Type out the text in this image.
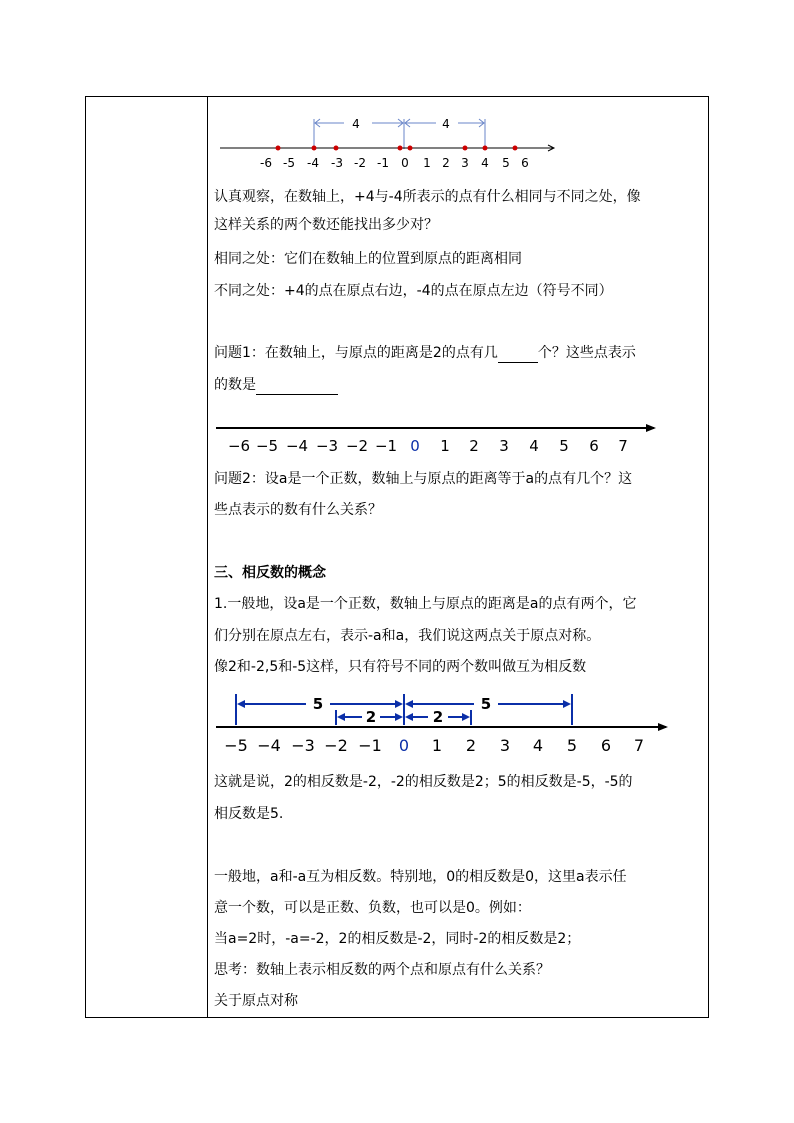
4	4
-6 -5 -4 -3 -2 -1 0 1 2 3 4 5 6
认真观察，在数轴上，+4与-4所表示的点有什么相同与不同之处，像
这样关系的两个数还能找出多少对？
相同之处：它们在数轴上的位置到原点的距离相同
不同之处：+4的点在原点右边，-4的点在原点左边（符号不同）
问题1：在数轴上，与原点的距离是2的点有几	个？这些点表示
的数是
−6 −5 −4 −3 −2 −1 0 1 2 3 4 5 6 7
问题2：设a是一个正数，数轴上与原点的距离等于a的点有几个？这
些点表示的数有什么关系？
三、相反数的概念
1.一般地，设a是一个正数，数轴上与原点的距离是a的点有两个，它
们分别在原点左右，表示-a和a，我们说这两点关于原点对称。
像2和-2,5和-5这样，只有符号不同的两个数叫做互为相反数
5	5
2	2
−5 −4 −3 −2 −1 0 1 2 3 4 5 6 7
这就是说，2的相反数是-2，-2的相反数是2；5的相反数是-5，-5的
相反数是5.
一般地，a和-a互为相反数。特别地，0的相反数是0，这里a表示任
意一个数，可以是正数、负数，也可以是0。例如：
当a=2时，-a=-2，2的相反数是-2，同时-2的相反数是2；
思考：数轴上表示相反数的两个点和原点有什么关系？
关于原点对称
